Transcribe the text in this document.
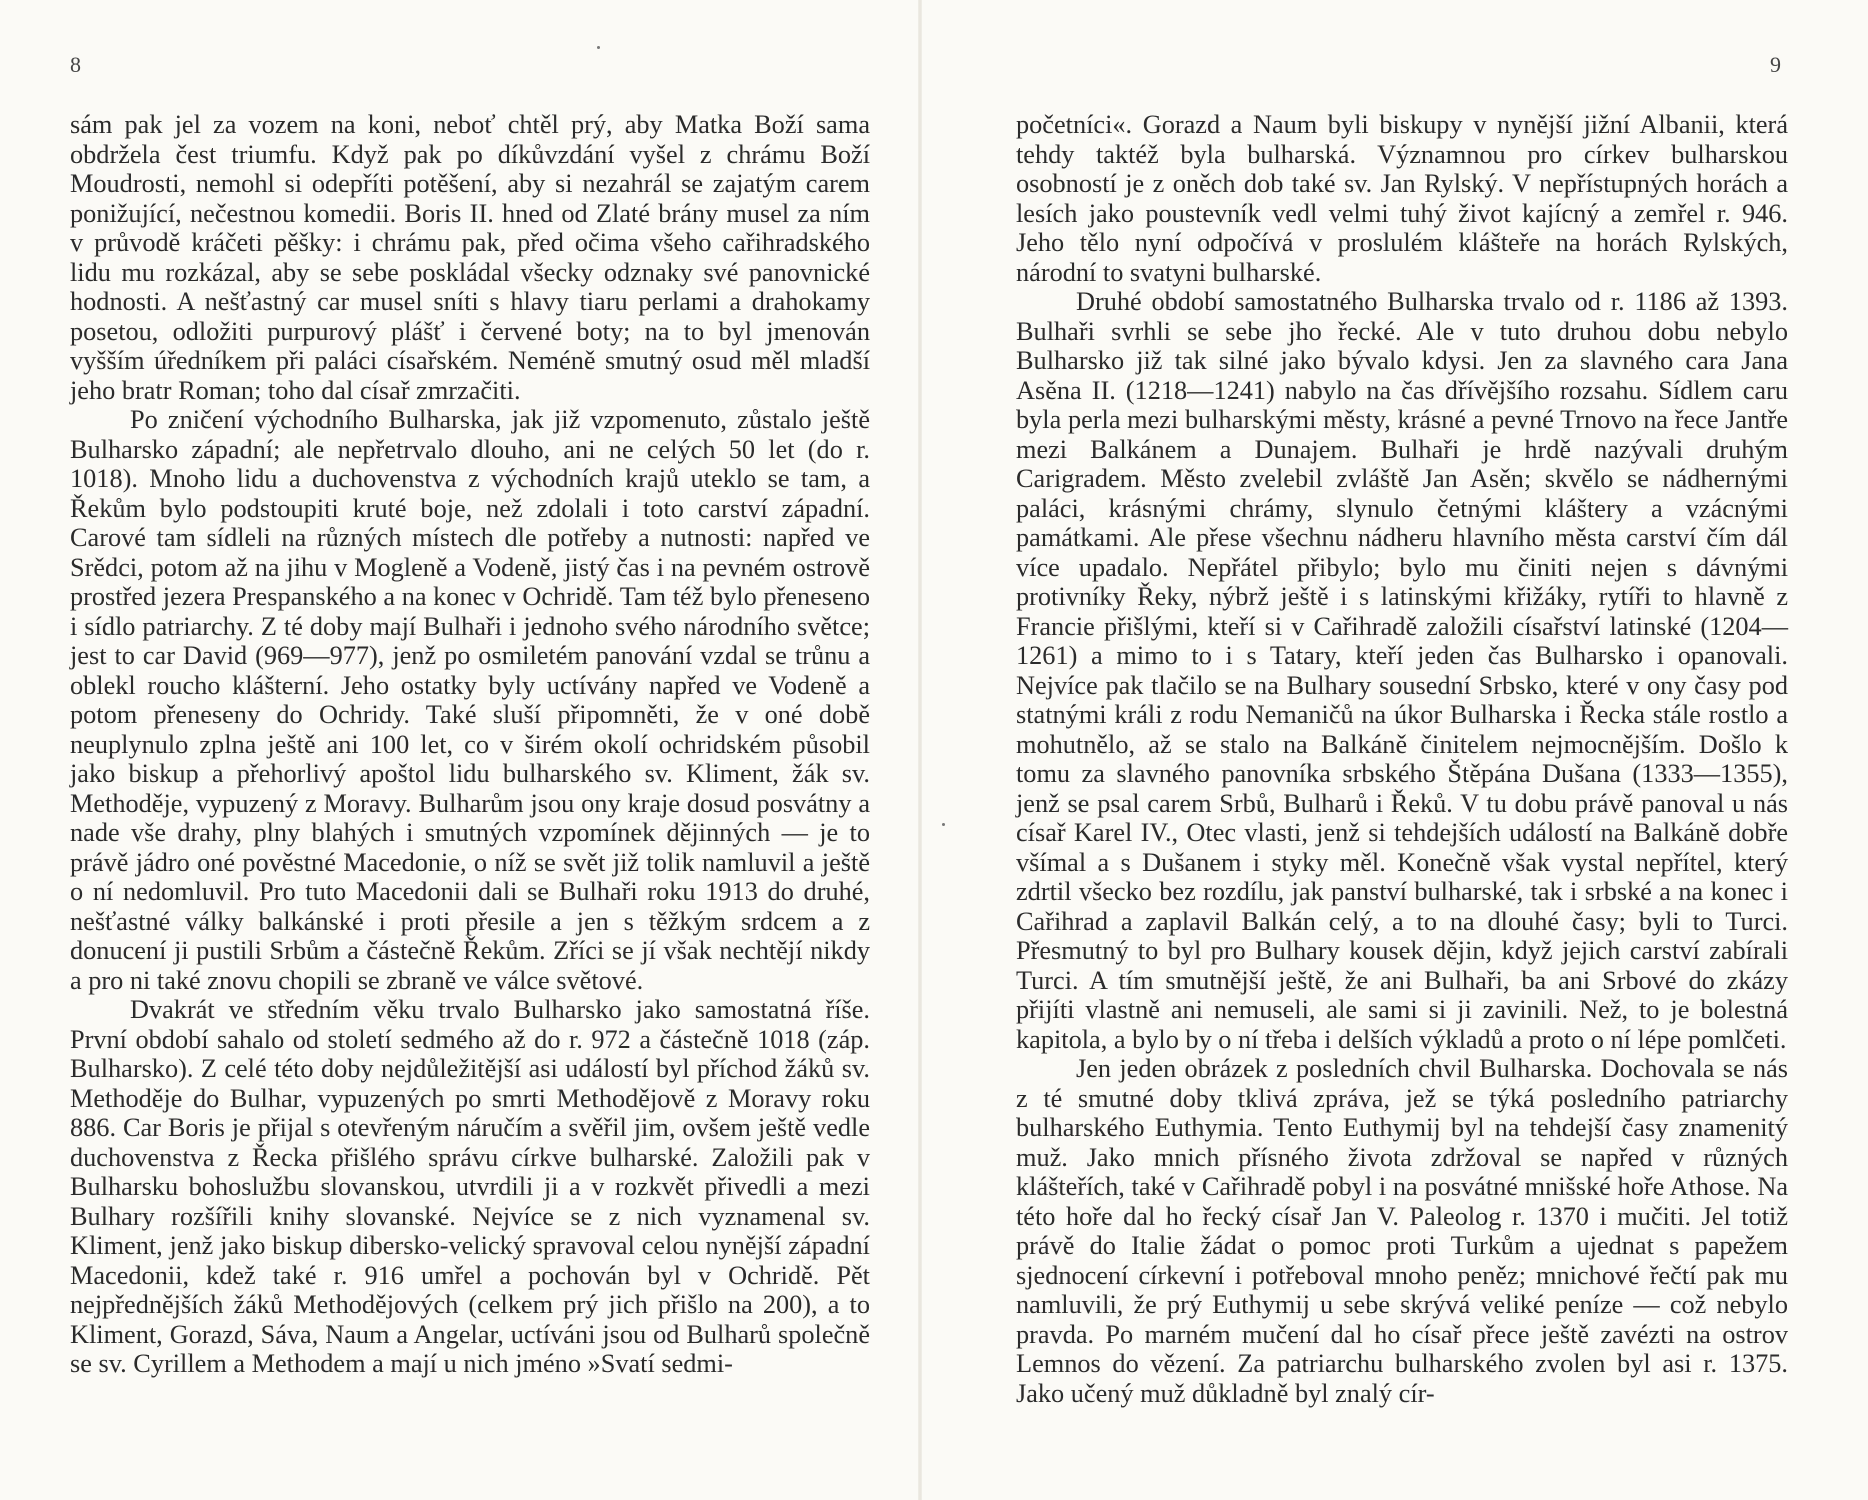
8

sám pak jel za vozem na koni, neboť chtěl prý, aby Matka Boží sama obdržela čest triumfu. Když pak po díkůvzdání vyšel z chrámu Boží Moudrosti, nemohl si odepříti potěšení, aby si nezahrál se zajatým carem ponižující, nečestnou komedii. Boris II. hned od Zlaté brány musel za ním v průvodě kráčeti pěšky: i chrámu pak, před očima všeho cařihradského lidu mu rozkázal, aby se sebe poskládal všecky odznaky své panovnické hodnosti. A nešťastný car musel sníti s hlavy tiaru perlami a drahokamy posetou, odložiti purpurový plášť i červené boty; na to byl jmenován vyšším úředníkem při paláci císařském. Neméně smutný osud měl mladší jeho bratr Roman; toho dal císař zmrzačiti.

Po zničení východního Bulharska, jak již vzpomenuto, zůstalo ještě Bulharsko západní; ale nepřetrvalo dlouho, ani ne celých 50 let (do r. 1018). Mnoho lidu a duchovenstva z východních krajů uteklo se tam, a Řekům bylo podstoupiti kruté boje, než zdolali i toto carství západní. Carové tam sídleli na různých místech dle potřeby a nutnosti: napřed ve Srědci, potom až na jihu v Mogleně a Vodeně, jistý čas i na pevném ostrově prostřed jezera Prespanského a na konec v Ochridě. Tam též bylo přeneseno i sídlo patriarchy. Z té doby mají Bulhaři i jednoho svého národního světce; jest to car David (969—977), jenž po osmiletém panování vzdal se trůnu a oblekl roucho klášterní. Jeho ostatky byly uctívány napřed ve Vodeně a potom přeneseny do Ochridy. Také sluší připomněti, že v oné době neuplynulo zplna ještě ani 100 let, co v širém okolí ochridském působil jako biskup a přehorlivý apoštol lidu bulharského sv. Kliment, žák sv. Methoděje, vypuzený z Moravy. Bulharům jsou ony kraje dosud posvátny a nade vše drahy, plny blahých i smutných vzpomínek dějinných — je to právě jádro oné pověstné Macedonie, o níž se svět již tolik namluvil a ještě o ní nedomluvil. Pro tuto Macedonii dali se Bulhaři roku 1913 do druhé, nešťastné války balkánské i proti přesile a jen s těžkým srdcem a z donucení ji pustili Srbům a částečně Řekům. Zříci se jí však nechtějí nikdy a pro ni také znovu chopili se zbraně ve válce světové.

Dvakrát ve středním věku trvalo Bulharsko jako samostatná říše. První období sahalo od století sedmého až do r. 972 a částečně 1018 (záp. Bulharsko). Z celé této doby nejdůležitější asi událostí byl příchod žáků sv. Methoděje do Bulhar, vypuzených po smrti Methodějově z Moravy roku 886. Car Boris je přijal s otevřeným náručím a svěřil jim, ovšem ještě vedle duchovenstva z Řecka přišlého správu církve bulharské. Založili pak v Bulharsku bohoslužbu slovanskou, utvrdili ji a v rozkvět přivedli a mezi Bulhary rozšířili knihy slovanské. Nejvíce se z nich vyznamenal sv. Kliment, jenž jako biskup dibersko-velický spravoval celou nynější západní Macedonii, kdež také r. 916 umřel a pochován byl v Ochridě. Pět nejpřednějších žáků Methodějových (celkem prý jich přišlo na 200), a to Kliment, Gorazd, Sáva, Naum a Angelar, uctíváni jsou od Bulharů společně se sv. Cyrillem a Methodem a mají u nich jméno »Svatí sedmi-

9

početníci«. Gorazd a Naum byli biskupy v nynější jižní Albanii, která tehdy taktéž byla bulharská. Významnou pro církev bulharskou osobností je z oněch dob také sv. Jan Rylský. V nepřístupných horách a lesích jako poustevník vedl velmi tuhý život kajícný a zemřel r. 946. Jeho tělo nyní odpočívá v proslulém klášteře na horách Rylských, národní to svatyni bulharské.

Druhé období samostatného Bulharska trvalo od r. 1186 až 1393. Bulhaři svrhli se sebe jho řecké. Ale v tuto druhou dobu nebylo Bulharsko již tak silné jako bývalo kdysi. Jen za slavného cara Jana Asěna II. (1218—1241) nabylo na čas dřívějšího rozsahu. Sídlem caru byla perla mezi bulharskými městy, krásné a pevné Trnovo na řece Jantře mezi Balkánem a Dunajem. Bulhaři je hrdě nazývali druhým Carigradem. Město zvelebil zvláště Jan Asěn; skvělo se nádhernými paláci, krásnými chrámy, slynulo četnými kláštery a vzácnými památkami. Ale přese všechnu nádheru hlavního města carství čím dál více upadalo. Nepřátel přibylo; bylo mu činiti nejen s dávnými protivníky Řeky, nýbrž ještě i s latinskými křižáky, rytíři to hlavně z Francie přišlými, kteří si v Cařihradě založili císařství latinské (1204—1261) a mimo to i s Tatary, kteří jeden čas Bulharsko i opanovali. Nejvíce pak tlačilo se na Bulhary sousední Srbsko, které v ony časy pod statnými králi z rodu Nemaničů na úkor Bulharska i Řecka stále rostlo a mohutnělo, až se stalo na Balkáně činitelem nejmocnějším. Došlo k tomu za slavného panovníka srbského Štěpána Dušana (1333—1355), jenž se psal carem Srbů, Bulharů i Řeků. V tu dobu právě panoval u nás císař Karel IV., Otec vlasti, jenž si tehdejších událostí na Balkáně dobře všímal a s Dušanem i styky měl. Konečně však vystal nepřítel, který zdrtil všecko bez rozdílu, jak panství bulharské, tak i srbské a na konec i Cařihrad a zaplavil Balkán celý, a to na dlouhé časy; byli to Turci. Přesmutný to byl pro Bulhary kousek dějin, když jejich carství zabírali Turci. A tím smutnější ještě, že ani Bulhaři, ba ani Srbové do zkázy přijíti vlastně ani nemuseli, ale sami si ji zavinili. Než, to je bolestná kapitola, a bylo by o ní třeba i delších výkladů a proto o ní lépe pomlčeti.

Jen jeden obrázek z posledních chvil Bulharska. Dochovala se nás z té smutné doby tklivá zpráva, jež se týká posledního patriarchy bulharského Euthymia. Tento Euthymij byl na tehdejší časy znamenitý muž. Jako mnich přísného života zdržoval se napřed v různých klášteřích, také v Cařihradě pobyl i na posvátné mnišské hoře Athose. Na této hoře dal ho řecký císař Jan V. Paleolog r. 1370 i mučiti. Jel totiž právě do Italie žádat o pomoc proti Turkům a ujednat s papežem sjednocení církevní i potřeboval mnoho peněz; mnichové řečtí pak mu namluvili, že prý Euthymij u sebe skrývá veliké peníze — což nebylo pravda. Po marném mučení dal ho císař přece ještě zavézti na ostrov Lemnos do vězení. Za patriarchu bulharského zvolen byl asi r. 1375. Jako učený muž důkladně byl znalý cír-
